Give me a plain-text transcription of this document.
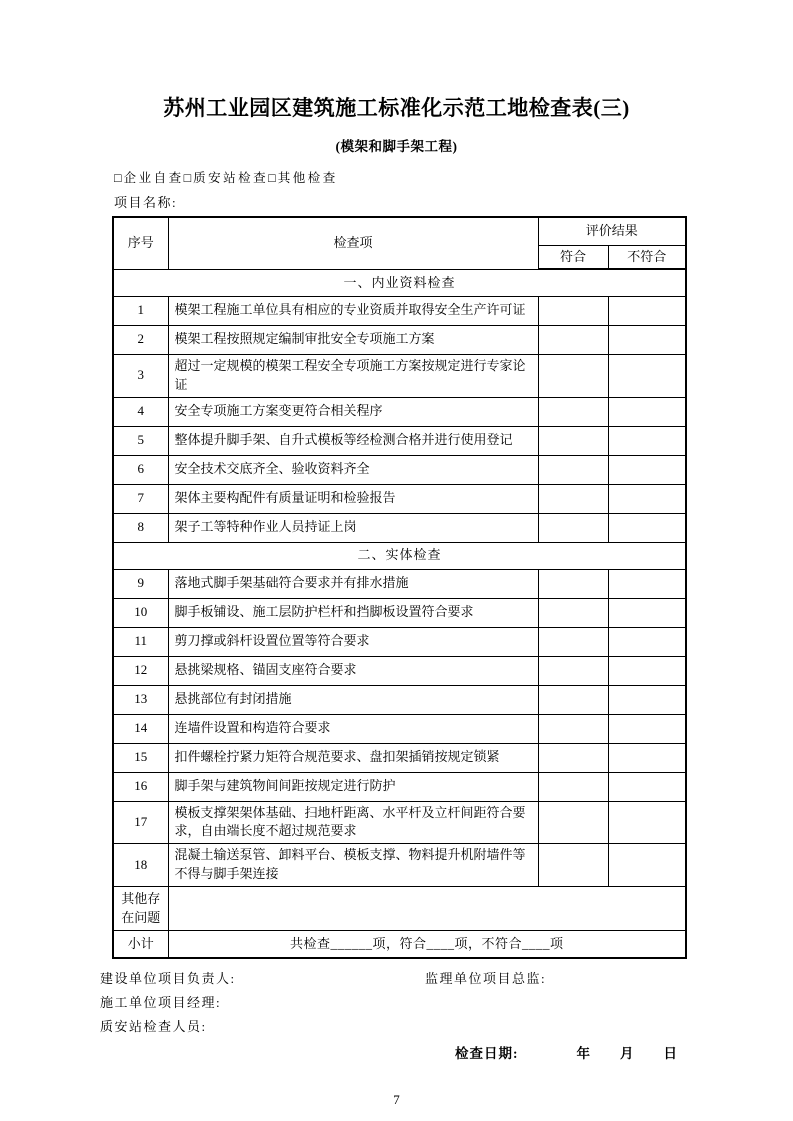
苏州工业园区建筑施工标准化示范工地检查表(三)
(模架和脚手架工程)
□ 企业自查□ 质安站检查□ 其他检查
项目名称:
序号	检查项	评价结果	
		符合	不符合
一、内业资料检查			
1	模架工程施工单位具有相应的专业资质并取得安全生产许可证		
2	模架工程按照规定编制审批安全专项施工方案		
3	超过一定规模的模架工程安全专项施工方案按规定进行专家论证		
4	安全专项施工方案变更符合相关程序		
5	整体提升脚手架、自升式模板等经检测合格并进行使用登记		
6	安全技术交底齐全、验收资料齐全		
7	架体主要构配件有质量证明和检验报告		
8	架子工等特种作业人员持证上岗		
二、实体检查			
9	落地式脚手架基础符合要求并有排水措施		
10	脚手板铺设、施工层防护栏杆和挡脚板设置符合要求		
11	剪刀撑或斜杆设置位置等符合要求		
12	悬挑梁规格、锚固支座符合要求		
13	悬挑部位有封闭措施		
14	连墙件设置和构造符合要求		
15	扣件螺栓拧紧力矩符合规范要求、盘扣架插销按规定锁紧		
16	脚手架与建筑物间间距按规定进行防护		
17	模板支撑架架体基础、扫地杆距离、水平杆及立杆间距符合要求，自由端长度不超过规范要求		
18	混凝土输送泵管、卸料平台、模板支撑、物料提升机附墙件等不得与脚手架连接		
其他存在问题			
小计	共检查______项，符合____项，不符合____项		
建设单位项目负责人:	监理单位项目总监:
施工单位项目经理:
质安站检查人员:
检查日期:　　　　年　　月　　日
7
